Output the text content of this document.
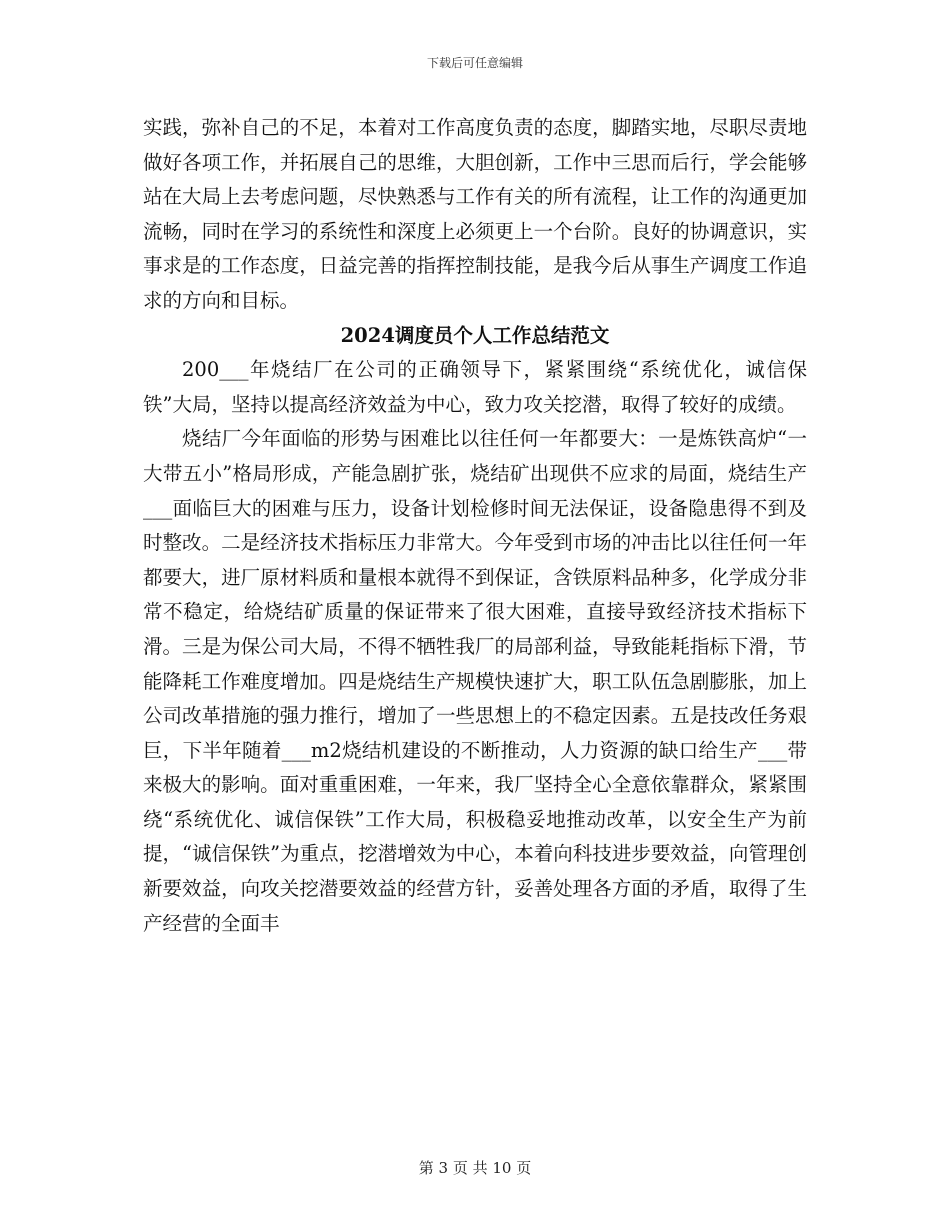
下载后可任意编辑

实践，弥补自己的不足，本着对工作高度负责的态度，脚踏实地，尽职尽责地做好各项工作，并拓展自己的思维，大胆创新，工作中三思而后行，学会能够站在大局上去考虑问题，尽快熟悉与工作有关的所有流程，让工作的沟通更加流畅，同时在学习的系统性和深度上必须更上一个台阶。良好的协调意识，实事求是的工作态度，日益完善的指挥控制技能，是我今后从事生产调度工作追求的方向和目标。

2024调度员个人工作总结范文

200___年烧结厂在公司的正确领导下，紧紧围绕“系统优化，诚信保铁”大局，坚持以提高经济效益为中心，致力攻关挖潜，取得了较好的成绩。

烧结厂今年面临的形势与困难比以往任何一年都要大：一是炼铁高炉“一大带五小”格局形成，产能急剧扩张，烧结矿出现供不应求的局面，烧结生产___面临巨大的困难与压力，设备计划检修时间无法保证，设备隐患得不到及时整改。二是经济技术指标压力非常大。今年受到市场的冲击比以往任何一年都要大，进厂原材料质和量根本就得不到保证，含铁原料品种多，化学成分非常不稳定，给烧结矿质量的保证带来了很大困难，直接导致经济技术指标下滑。三是为保公司大局，不得不牺牲我厂的局部利益，导致能耗指标下滑，节能降耗工作难度增加。四是烧结生产规模快速扩大，职工队伍急剧膨胀，加上公司改革措施的强力推行，增加了一些思想上的不稳定因素。五是技改任务艰巨，下半年随着___m2烧结机建设的不断推动，人力资源的缺口给生产___带来极大的影响。面对重重困难，一年来，我厂坚持全心全意依靠群众，紧紧围绕“系统优化、诚信保铁”工作大局，积极稳妥地推动改革，以安全生产为前提，“诚信保铁”为重点，挖潜增效为中心，本着向科技进步要效益，向管理创新要效益，向攻关挖潜要效益的经营方针，妥善处理各方面的矛盾，取得了生产经营的全面丰

第 3 页 共 10 页
